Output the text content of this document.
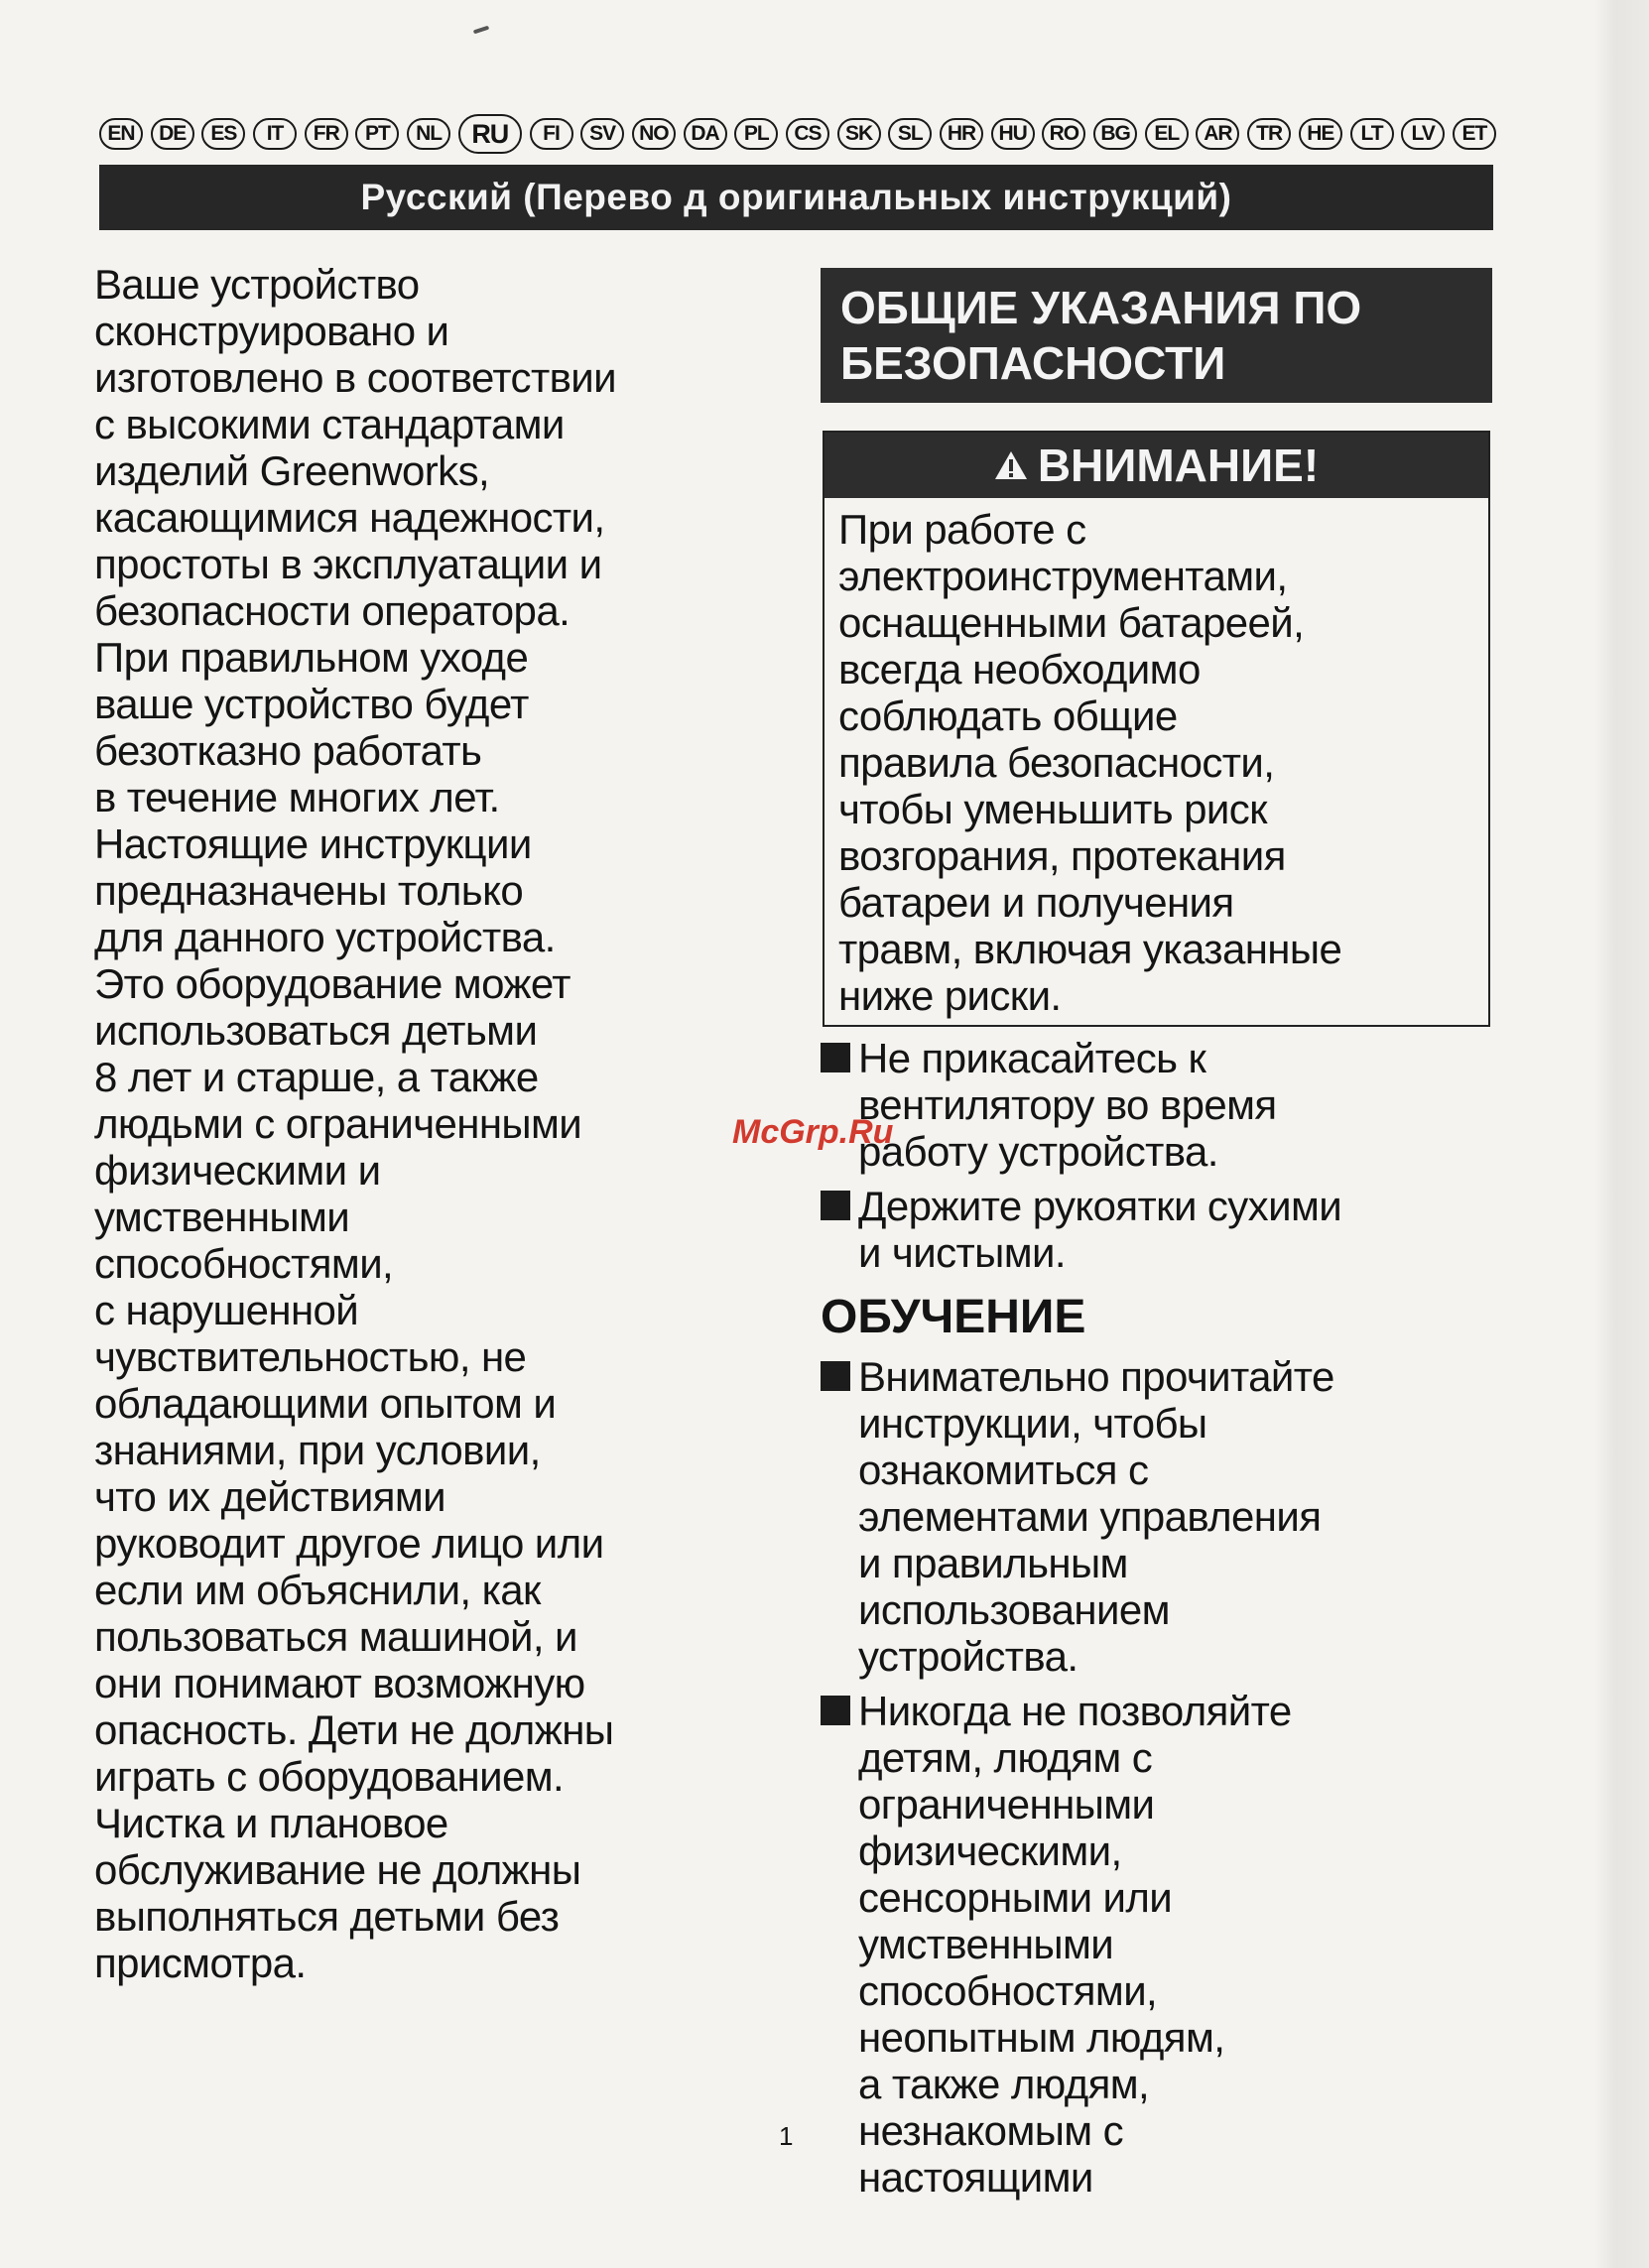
EN	DE	ES	IT	FR	PT	NL	RU	FI	SV	NO	DA	PL	CS	SK	SL	HR	HU	RO	BG	EL	AR	TR	HE	LT	LV	ET
Русский (Перево д оригинальных инструкций)
Ваше устройство
сконструировано и
изготовлено в соответствии
с высокими стандартами
изделий Greenworks,
касающимися надежности,
простоты в эксплуатации и
безопасности оператора.
При правильном уходе
ваше устройство будет
безотказно работать
в течение многих лет.
Настоящие инструкции
предназначены только
для данного устройства.
Это оборудование может
использоваться детьми
8 лет и старше, а также
людьми с ограниченными
физическими и
умственными
способностями,
с нарушенной
чувствительностью, не
обладающими опытом и
знаниями, при условии,
что их действиями
руководит другое лицо или
если им объяснили, как
пользоваться машиной, и
они понимают возможную
опасность. Дети не должны
играть с оборудованием.
Чистка и плановое
обслуживание не должны
выполняться детьми без
присмотра.
ОБЩИЕ УКАЗАНИЯ ПО
БЕЗОПАСНОСТИ
ВНИМАНИЕ!
При работе с
электроинструментами,
оснащенными батареей,
всегда необходимо
соблюдать общие
правила безопасности,
чтобы уменьшить риск
возгорания, протекания
батареи и получения
травм, включая указанные
ниже риски.
Не прикасайтесь к
вентилятору во время
работу устройства.
Держите рукоятки сухими
и чистыми.
ОБУЧЕНИЕ
Внимательно прочитайте
инструкции, чтобы
ознакомиться с
элементами управления
и правильным
использованием
устройства.
Никогда не позволяйте
детям, людям с
ограниченными
физическими,
сенсорными или
умственными
способностями,
неопытным людям,
а также людям,
незнакомым с
настоящими
McGrp.Ru
1
